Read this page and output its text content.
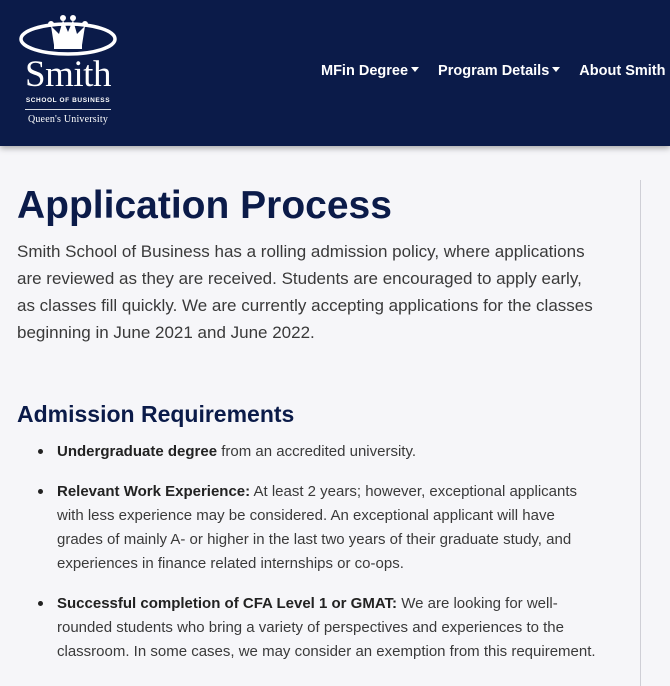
Smith
SCHOOL OF BUSINESS
Queen's University
MFin Degree Program Details About Smith
Application Process

Smith School of Business has a rolling admission policy, where applications are reviewed as they are received. Students are encouraged to apply early, as classes fill quickly. We are currently accepting applications for the classes beginning in June 2021 and June 2022.

Admission Requirements
Undergraduate degree from an accredited university.
Relevant Work Experience: At least 2 years; however, exceptional applicants with less experience may be considered. An exceptional applicant will have grades of mainly A- or higher in the last two years of their graduate study, and experiences in finance related internships or co-ops.
Successful completion of CFA Level 1 or GMAT: We are looking for well-rounded students who bring a variety of perspectives and experiences to the classroom. In some cases, we may consider an exemption from this requirement.
